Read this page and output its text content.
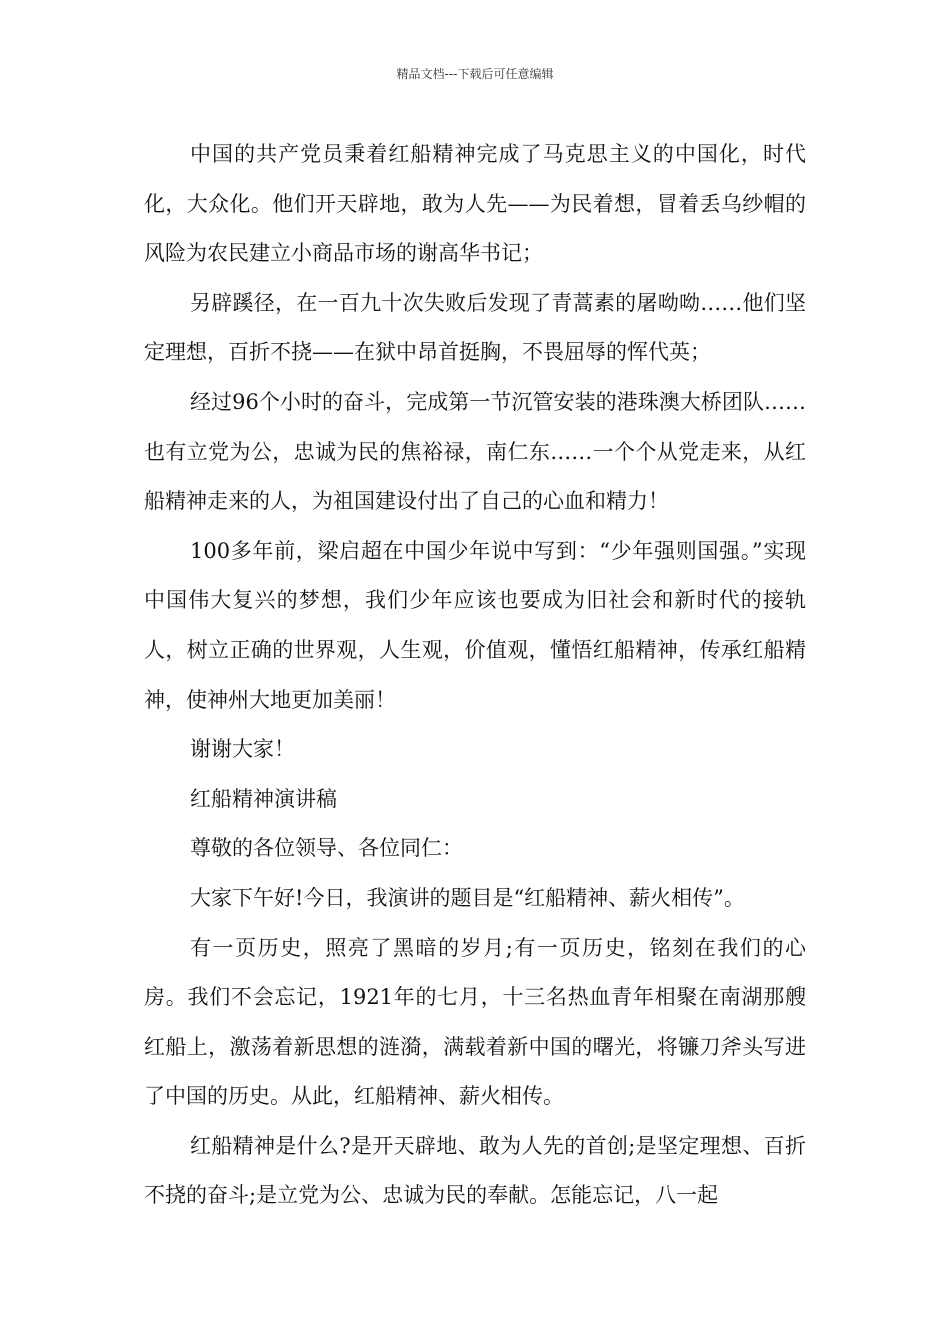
精品文档---下载后可任意编辑

中国的共产党员秉着红船精神完成了马克思主义的中国化，时代化，大众化。他们开天辟地，敢为人先——为民着想，冒着丢乌纱帽的风险为农民建立小商品市场的谢高华书记；

另辟蹊径，在一百九十次失败后发现了青蒿素的屠呦呦……他们坚定理想，百折不挠——在狱中昂首挺胸，不畏屈辱的恽代英；

经过96个小时的奋斗，完成第一节沉管安装的港珠澳大桥团队……也有立党为公，忠诚为民的焦裕禄，南仁东……一个个从党走来，从红船精神走来的人，为祖国建设付出了自己的心血和精力！

100多年前，梁启超在中国少年说中写到：“少年强则国强。”实现中国伟大复兴的梦想，我们少年应该也要成为旧社会和新时代的接轨人，树立正确的世界观，人生观，价值观，懂悟红船精神，传承红船精神，使神州大地更加美丽！

谢谢大家！

红船精神演讲稿

尊敬的各位领导、各位同仁：

大家下午好!今日，我演讲的题目是“红船精神、薪火相传”。

有一页历史，照亮了黑暗的岁月;有一页历史，铭刻在我们的心房。我们不会忘记，1921年的七月，十三名热血青年相聚在南湖那艘红船上，激荡着新思想的涟漪，满载着新中国的曙光，将镰刀斧头写进了中国的历史。从此，红船精神、薪火相传。

红船精神是什么?是开天辟地、敢为人先的首创;是坚定理想、百折不挠的奋斗;是立党为公、忠诚为民的奉献。怎能忘记，八一起
